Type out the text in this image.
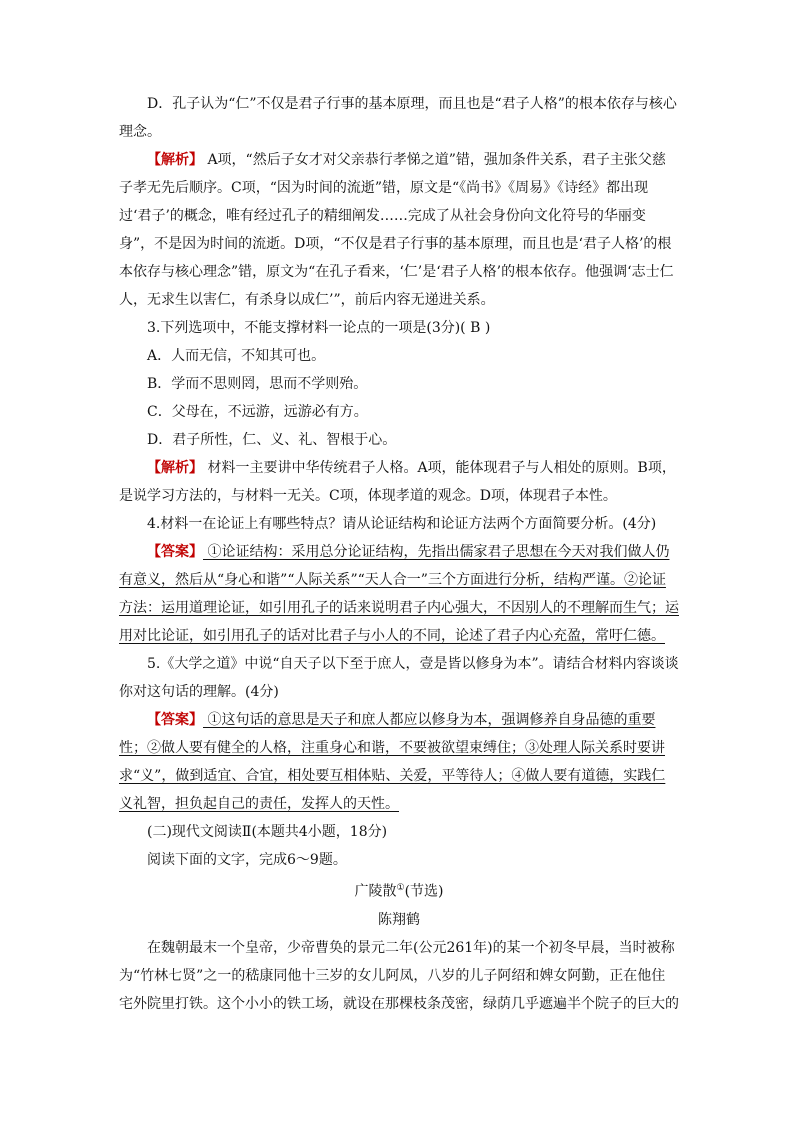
D．孔子认为“仁”不仅是君子行事的基本原理，而且也是“君子人格”的根本依存与核心理念。

【解析】 A项，“然后子女才对父亲恭行孝悌之道”错，强加条件关系，君子主张父慈子孝无先后顺序。C项，“因为时间的流逝”错，原文是“《尚书》《周易》《诗经》都出现过‘君子’的概念，唯有经过孔子的精细阐发……完成了从社会身份向文化符号的华丽变身”，不是因为时间的流逝。D项，“不仅是君子行事的基本原理，而且也是‘君子人格’的根本依存与核心理念”错，原文为“在孔子看来，‘仁’是‘君子人格’的根本依存。他强调‘志士仁人，无求生以害仁，有杀身以成仁’”，前后内容无递进关系。

3.下列选项中，不能支撑材料一论点的一项是(3分)( B )

A．人而无信，不知其可也。

B．学而不思则罔，思而不学则殆。

C．父母在，不远游，远游必有方。

D．君子所性，仁、义、礼、智根于心。

【解析】 材料一主要讲中华传统君子人格。A项，能体现君子与人相处的原则。B项，是说学习方法的，与材料一无关。C项，体现孝道的观念。D项，体现君子本性。

4.材料一在论证上有哪些特点？请从论证结构和论证方法两个方面简要分析。(4分)

【答案】 ①论证结构：采用总分论证结构，先指出儒家君子思想在今天对我们做人仍有意义，然后从“身心和谐”“人际关系”“天人合一”三个方面进行分析，结构严谨。②论证方法：运用道理论证，如引用孔子的话来说明君子内心强大，不因别人的不理解而生气；运用对比论证，如引用孔子的话对比君子与小人的不同，论述了君子内心充盈，常吁仁德。

5.《大学之道》中说“自天子以下至于庶人，壹是皆以修身为本”。请结合材料内容谈谈你对这句话的理解。(4分)

【答案】 ①这句话的意思是天子和庶人都应以修身为本，强调修养自身品德的重要性；②做人要有健全的人格，注重身心和谐，不要被欲望束缚住；③处理人际关系时要讲求“义”，做到适宜、合宜，相处要互相体贴、关爱，平等待人；④做人要有道德，实践仁义礼智，担负起自己的责任，发挥人的天性。

(二)现代文阅读Ⅱ(本题共4小题，18分)

阅读下面的文字，完成6～9题。

广陵散①(节选)

陈翔鹤

在魏朝最末一个皇帝，少帝曹奂的景元二年(公元261年)的某一个初冬早晨，当时被称为“竹林七贤”之一的嵇康同他十三岁的女儿阿凤，八岁的儿子阿绍和婢女阿勤，正在他住宅外院里打铁。这个小小的铁工场，就设在那棵枝条茂密，绿荫几乎遮遍半个院子的巨大的
